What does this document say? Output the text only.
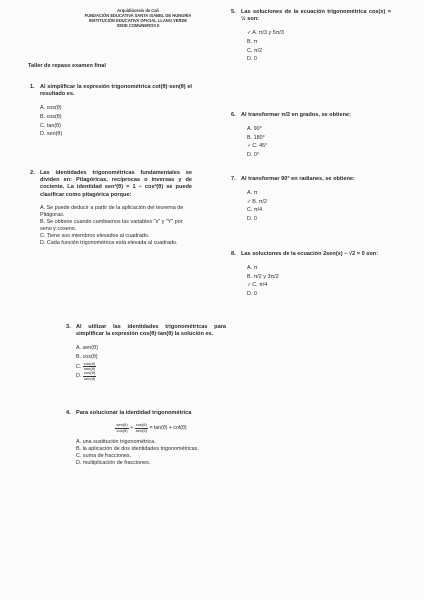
Arquidiócesis de Cali
FUNDACIÓN EDUCATIVA SANTA ISABEL DE HUNGRÍA
INSTITUCIÓN EDUCATIVA OFICIAL LLANO VERDE
SEDE COMUNEROS II
Taller de repaso examen final
1. Al simplificar la expresión trigonométrica cot(θ)·sen(θ) el resultado es.
A. cos(θ)
B. cos(θ)
C. tan(θ)
D. sen(θ)
2. Las identidades trigonométricas fundamentales se dividen en: Pitagóricas, recíprocas o inversas y de cociente. La identidad sen²(θ) = 1 − cos²(θ) se puede clasificar como pitagórica porque:
A. Se puede deducir a partir de la aplicación del teorema de Pitágoras.
B. Se obtiene cuando cambiamos las variables "x" y "Y" por seno y coseno.
C. Tiene sus miembros elevados al cuadrado.
D. Cada función trigonométrica está elevada al cuadrado.
3. Al utilizar las identidades trigonométricas para simplificar la expresión cos(θ)·tan(θ) la solución es.
A. sen(θ)
B. cos(θ)
C. $\frac{\cos(\theta)}{\text{sen(θ)}}$
D. $\frac{\cos(\theta)}{\text{sen(θ)}}$
4. Para solucionar la identidad trigonométrica
$\frac{\text{sen(θ)}}{\cos(\theta)} + \frac{\cos(\theta)}{\text{sen(θ)}} = \tan(\theta) + \cot(\theta)$
A. una sustitución trigonométrica.
B. la aplicación de dos identidades trigonométricas.
C. suma de fracciones.
D. multiplicación de fracciones.
5. Las soluciones de la ecuación trigonométrica cos(x) = ½ son:
✓A. π/3 y 5π/3
B. π
C. π/2
D. 0
6. Al transformar π/2 en grados, se obtiene:
A. 90°
B. 180°
✓C. 45°
D. 0°
7. Al transformar 90° en radianes, se obtiene:
A. π
✓B. π/2
C. π/4
D. 0
8. Las soluciones de la ecuación 2sen(x) − √2 = 0 son:
A. π
B. π/2 y 3π/2
✓C. π/4
D. 0
